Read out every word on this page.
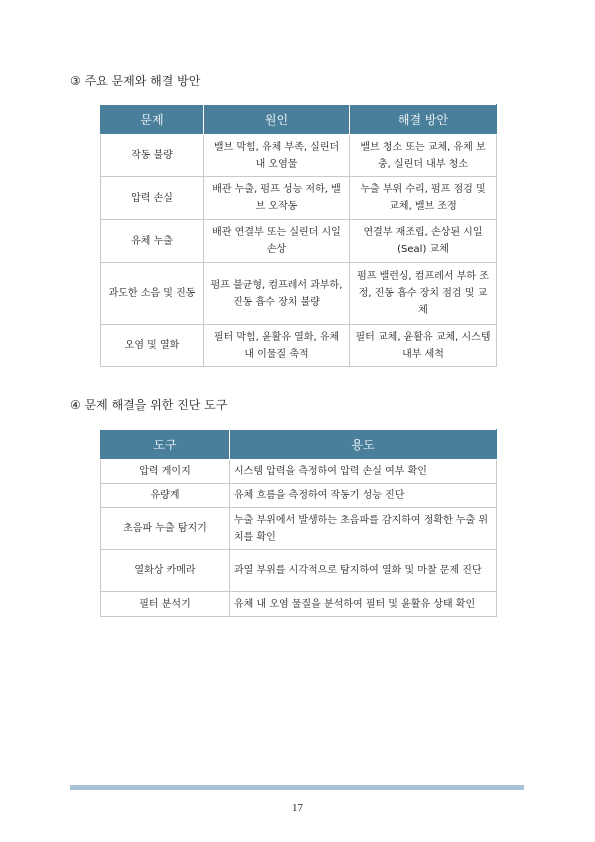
③ 주요 문제와 해결 방안
문제	원인	해결 방안
작동 불량	밸브 막힘, 유체 부족, 실린더 내 오염물	밸브 청소 또는 교체, 유체 보충, 실린더 내부 청소
압력 손실	배관 누출, 펌프 성능 저하, 밸브 오작동	누출 부위 수리, 펌프 점검 및 교체, 밸브 조정
유체 누출	배관 연결부 또는 실린더 시일 손상	연결부 재조립, 손상된 시일(Seal) 교체
과도한 소음 및 진동	펌프 불균형, 컴프레서 과부하, 진동 흡수 장치 불량	펌프 밸런싱, 컴프레서 부하 조정, 진동 흡수 장치 점검 및 교체
오염 및 열화	필터 막힘, 윤활유 열화, 유체 내 이물질 축적	필터 교체, 윤활유 교체, 시스템 내부 세척
④ 문제 해결을 위한 진단 도구
도구	용도
압력 게이지	시스템 압력을 측정하여 압력 손실 여부 확인
유량계	유체 흐름을 측정하여 작동기 성능 진단
초음파 누출 탐지기	누출 부위에서 발생하는 초음파를 감지하여 정확한 누출 위치를 확인
열화상 카메라	과열 부위를 시각적으로 탐지하여 열화 및 마찰 문제 진단
필터 분석기	유체 내 오염 물질을 분석하여 필터 및 윤활유 상태 확인
17
